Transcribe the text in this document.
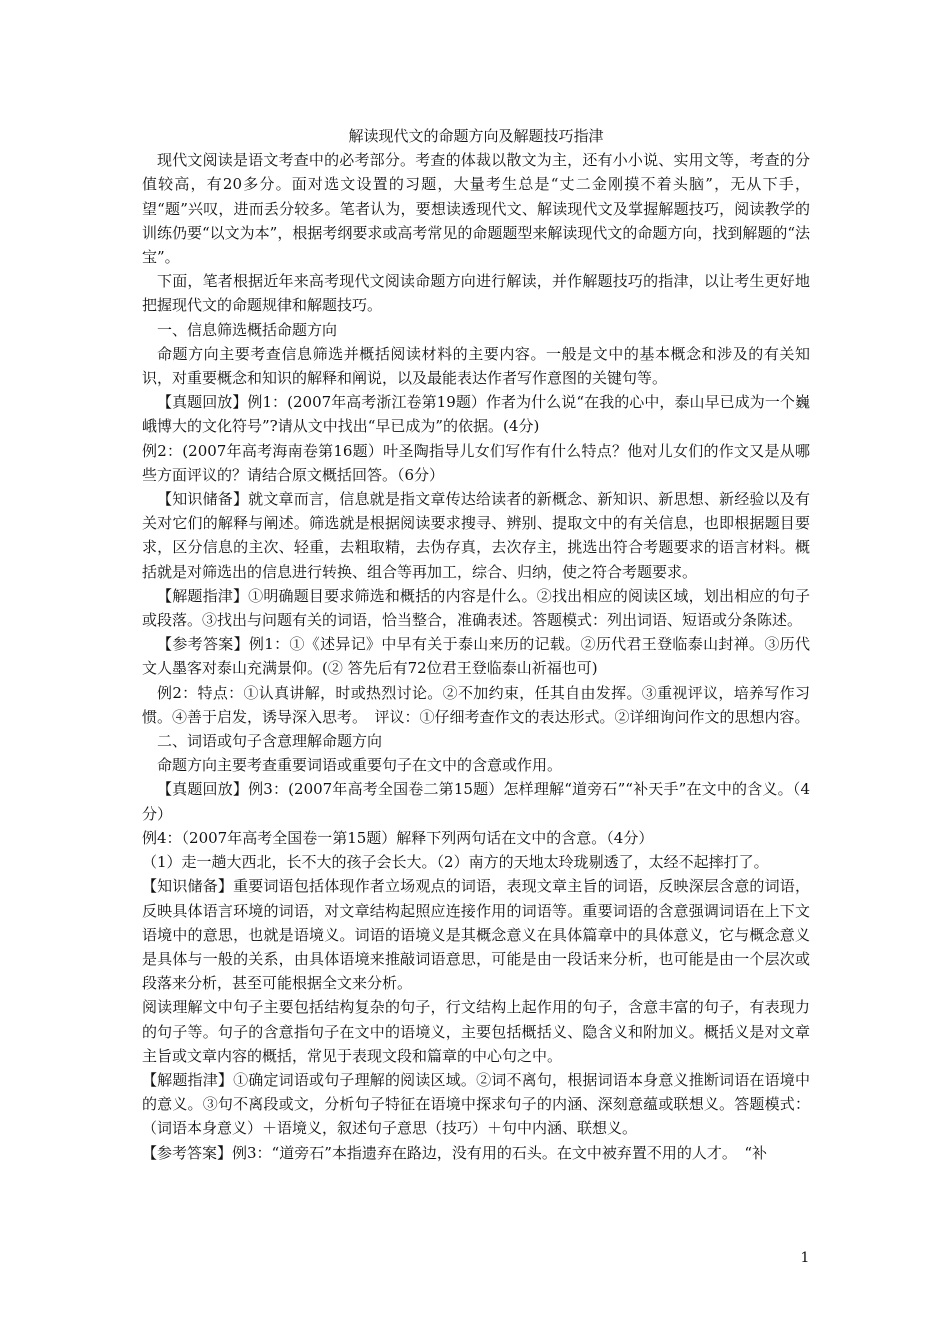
解读现代文的命题方向及解题技巧指津

现代文阅读是语文考查中的必考部分。考查的体裁以散文为主，还有小小说、实用文等，考查的分值较高，有20多分。面对选文设置的习题，大量考生总是“丈二金刚摸不着头脑”，无从下手，望“题”兴叹，进而丢分较多。笔者认为，要想读透现代文、解读现代文及掌握解题技巧，阅读教学的训练仍要“以文为本”，根据考纲要求或高考常见的命题题型来解读现代文的命题方向，找到解题的“法宝”。

下面，笔者根据近年来高考现代文阅读命题方向进行解读，并作解题技巧的指津，以让考生更好地把握现代文的命题规律和解题技巧。

一、信息筛选概括命题方向

命题方向主要考查信息筛选并概括阅读材料的主要内容。一般是文中的基本概念和涉及的有关知识，对重要概念和知识的解释和阐说，以及最能表达作者写作意图的关键句等。

【真题回放】例1：(2007年高考浙江卷第19题）作者为什么说“在我的心中，泰山早已成为一个巍峨博大的文化符号”?请从文中找出“早已成为”的依据。(4分)

例2：(2007年高考海南卷第16题）叶圣陶指导儿女们写作有什么特点？他对儿女们的作文又是从哪些方面评议的？请结合原文概括回答。（6分）

【知识储备】就文章而言，信息就是指文章传达给读者的新概念、新知识、新思想、新经验以及有关对它们的解释与阐述。筛选就是根据阅读要求搜寻、辨别、提取文中的有关信息，也即根据题目要求，区分信息的主次、轻重，去粗取精，去伪存真，去次存主，挑选出符合考题要求的语言材料。概括就是对筛选出的信息进行转换、组合等再加工，综合、归纳，使之符合考题要求。

【解题指津】①明确题目要求筛选和概括的内容是什么。②找出相应的阅读区域，划出相应的句子或段落。③找出与问题有关的词语，恰当整合，准确表述。答题模式：列出词语、短语或分条陈述。

【参考答案】例1：①《述异记》中早有关于泰山来历的记载。②历代君王登临泰山封禅。③历代文人墨客对泰山充满景仰。(② 答先后有72位君王登临泰山祈福也可)

例2：特点：①认真讲解，时或热烈讨论。②不加约束，任其自由发挥。③重视评议，培养写作习惯。④善于启发，诱导深入思考。　评议：①仔细考查作文的表达形式。②详细询问作文的思想内容。

二、词语或句子含意理解命题方向

命题方向主要考查重要词语或重要句子在文中的含意或作用。

【真题回放】例3：(2007年高考全国卷二第15题）怎样理解“道旁石”“补天手”在文中的含义。（4分）

例4：（2007年高考全国卷一第15题）解释下列两句话在文中的含意。（4分）

（1）走一趟大西北，长不大的孩子会长大。（2）南方的天地太玲珑剔透了，太经不起摔打了。

【知识储备】重要词语包括体现作者立场观点的词语，表现文章主旨的词语，反映深层含意的词语，反映具体语言环境的词语，对文章结构起照应连接作用的词语等。重要词语的含意强调词语在上下文语境中的意思，也就是语境义。词语的语境义是其概念意义在具体篇章中的具体意义，它与概念意义是具体与一般的关系，由具体语境来推敲词语意思，可能是由一段话来分析，也可能是由一个层次或段落来分析，甚至可能根据全文来分析。

阅读理解文中句子主要包括结构复杂的句子，行文结构上起作用的句子，含意丰富的句子，有表现力的句子等。句子的含意指句子在文中的语境义，主要包括概括义、隐含义和附加义。概括义是对文章主旨或文章内容的概括，常见于表现文段和篇章的中心句之中。

【解题指津】①确定词语或句子理解的阅读区域。②词不离句，根据词语本身意义推断词语在语境中的意义。③句不离段或文，分析句子特征在语境中探求句子的内涵、深刻意蕴或联想义。答题模式：（词语本身意义）＋语境义，叙述句子意思（技巧）＋句中内涵、联想义。

【参考答案】例3：“道旁石”本指遗弃在路边，没有用的石头。在文中被弃置不用的人才。　“补

1
